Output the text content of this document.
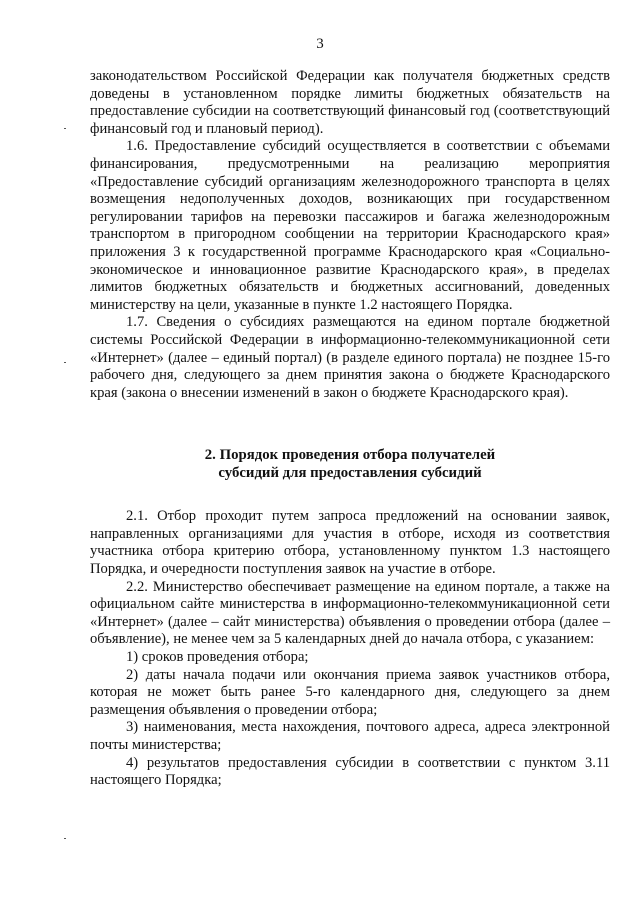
3

законодательством Российской Федерации как получателя бюджетных средств доведены в установленном порядке лимиты бюджетных обязательств на предоставление субсидии на соответствующий финансовый год (соответствующий финансовый год и плановый период).

1.6. Предоставление субсидий осуществляется в соответствии с объемами финансирования, предусмотренными на реализацию мероприятия «Предоставление субсидий организациям железнодорожного транспорта в целях возмещения недополученных доходов, возникающих при государственном регулировании тарифов на перевозки пассажиров и багажа железнодорожным транспортом в пригородном сообщении на территории Краснодарского края» приложения 3 к государственной программе Краснодарского края «Социально-экономическое и инновационное развитие Краснодарского края», в пределах лимитов бюджетных обязательств и бюджетных ассигнований, доведенных министерству на цели, указанные в пункте 1.2 настоящего Порядка.

1.7. Сведения о субсидиях размещаются на едином портале бюджетной системы Российской Федерации в информационно-телекоммуникационной сети «Интернет» (далее – единый портал) (в разделе единого портала) не позднее 15-го рабочего дня, следующего за днем принятия закона о бюджете Краснодарского края (закона о внесении изменений в закон о бюджете Краснодарского края).

2. Порядок проведения отбора получателей
субсидий для предоставления субсидий

2.1. Отбор проходит путем запроса предложений на основании заявок, направленных организациями для участия в отборе, исходя из соответствия участника отбора критерию отбора, установленному пунктом 1.3 настоящего Порядка, и очередности поступления заявок на участие в отборе.

2.2. Министерство обеспечивает размещение на едином портале, а также на официальном сайте министерства в информационно-телекоммуникационной сети «Интернет» (далее – сайт министерства) объявления о проведении отбора (далее – объявление), не менее чем за 5 календарных дней до начала отбора, с указанием:

1) сроков проведения отбора;

2) даты начала подачи или окончания приема заявок участников отбора, которая не может быть ранее 5-го календарного дня, следующего за днем размещения объявления о проведении отбора;

3) наименования, места нахождения, почтового адреса, адреса электронной почты министерства;

4) результатов предоставления субсидии в соответствии с пунктом 3.11 настоящего Порядка;
